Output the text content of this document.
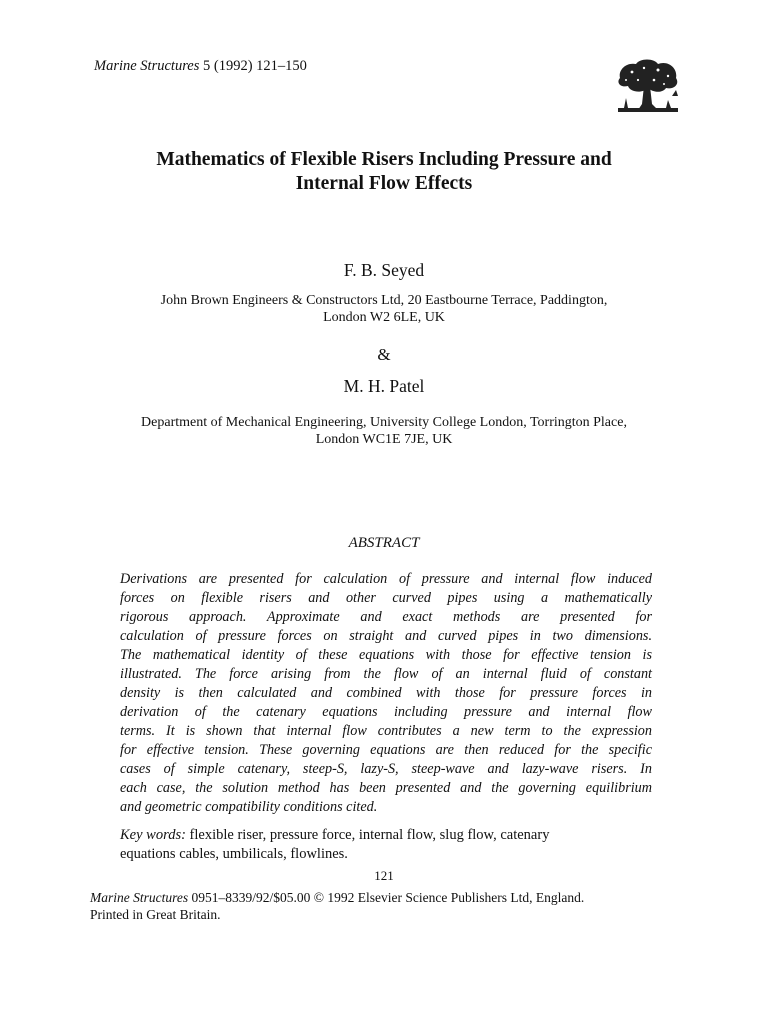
Marine Structures 5 (1992) 121–150
Mathematics of Flexible Risers Including Pressure and
Internal Flow Effects
F. B. Seyed
John Brown Engineers & Constructors Ltd, 20 Eastbourne Terrace, Paddington,
London W2 6LE, UK
&
M. H. Patel
Department of Mechanical Engineering, University College London, Torrington Place,
London WC1E 7JE, UK
ABSTRACT
Derivations are presented for calculation of pressure and internal flow induced
forces on flexible risers and other curved pipes using a mathematically
rigorous approach. Approximate and exact methods are presented for
calculation of pressure forces on straight and curved pipes in two dimensions.
The mathematical identity of these equations with those for effective tension is
illustrated. The force arising from the flow of an internal fluid of constant
density is then calculated and combined with those for pressure forces in
derivation of the catenary equations including pressure and internal flow
terms. It is shown that internal flow contributes a new term to the expression
for effective tension. These governing equations are then reduced for the specific
cases of simple catenary, steep-S, lazy-S, steep-wave and lazy-wave risers. In
each case, the solution method has been presented and the governing equilibrium
and geometric compatibility conditions cited.
Key words: flexible riser, pressure force, internal flow, slug flow, catenary
equations cables, umbilicals, flowlines.
121
Marine Structures 0951–8339/92/$05.00 © 1992 Elsevier Science Publishers Ltd, England.
Printed in Great Britain.
